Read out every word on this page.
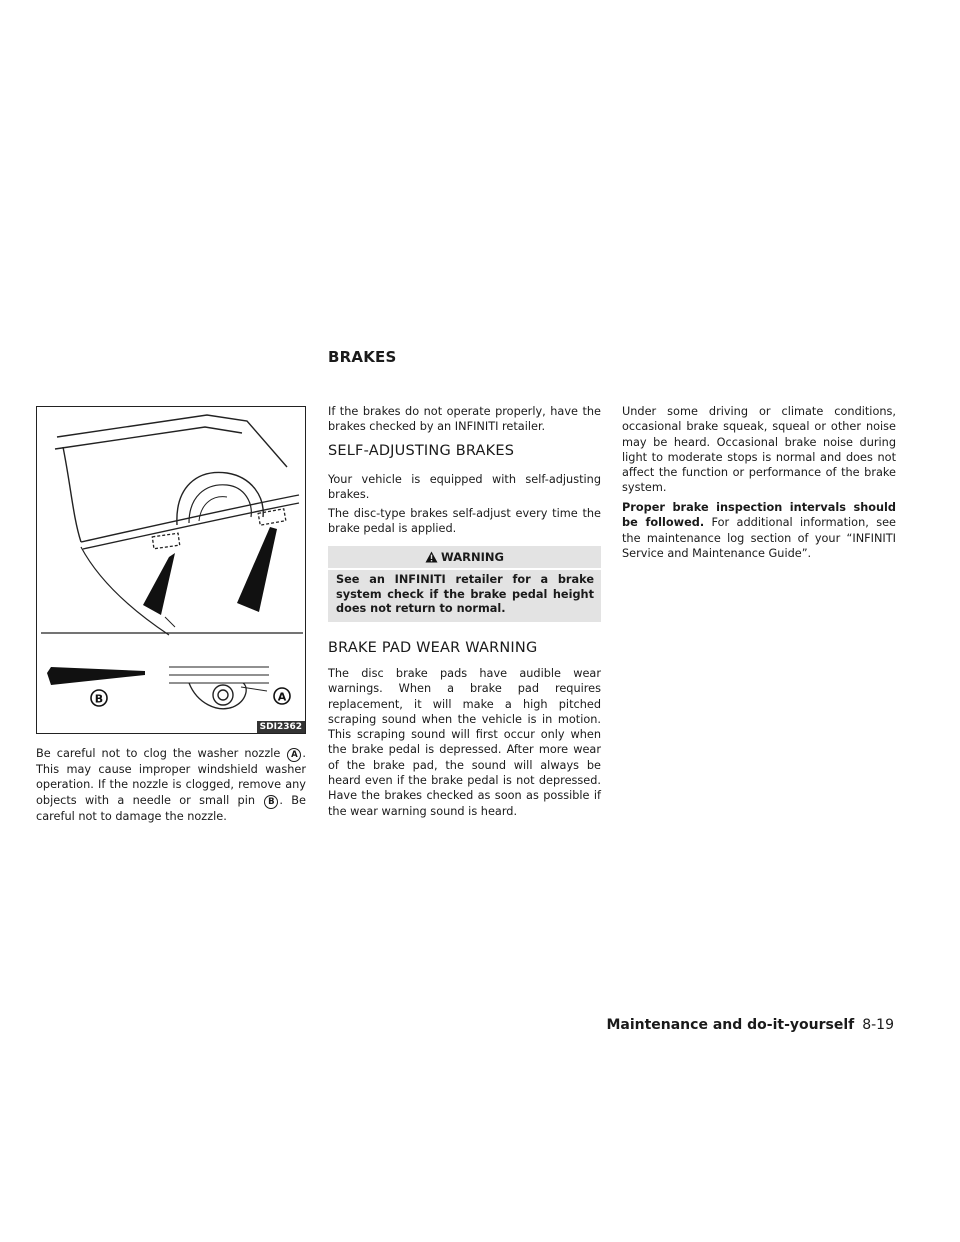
BRAKES
B	A
SDI2362

Be careful not to clog the washer nozzle A . This may cause improper windshield washer operation. If the nozzle is clogged, remove any objects with a needle or small pin B . Be careful not to damage the nozzle.

If the brakes do not operate properly, have the brakes checked by an INFINITI retailer.

SELF-ADJUSTING BRAKES

Your vehicle is equipped with self-adjusting brakes.

The disc-type brakes self-adjust every time the brake pedal is applied.

WARNING
See an INFINITI retailer for a brake system check if the brake pedal height does not return to normal.
BRAKE PAD WEAR WARNING

The disc brake pads have audible wear warnings. When a brake pad requires replacement, it will make a high pitched scraping sound when the vehicle is in motion. This scraping sound will first occur only when the brake pedal is depressed. After more wear of the brake pad, the sound will always be heard even if the brake pedal is not depressed. Have the brakes checked as soon as possible if the wear warning sound is heard.

Under some driving or climate conditions, occasional brake squeak, squeal or other noise may be heard. Occasional brake noise during light to moderate stops is normal and does not affect the function or performance of the brake system.

Proper brake inspection intervals should be followed. For additional information, see the maintenance log section of your “INFINITI Service and Maintenance Guide”.

Maintenance and do-it-yourself 8-19
